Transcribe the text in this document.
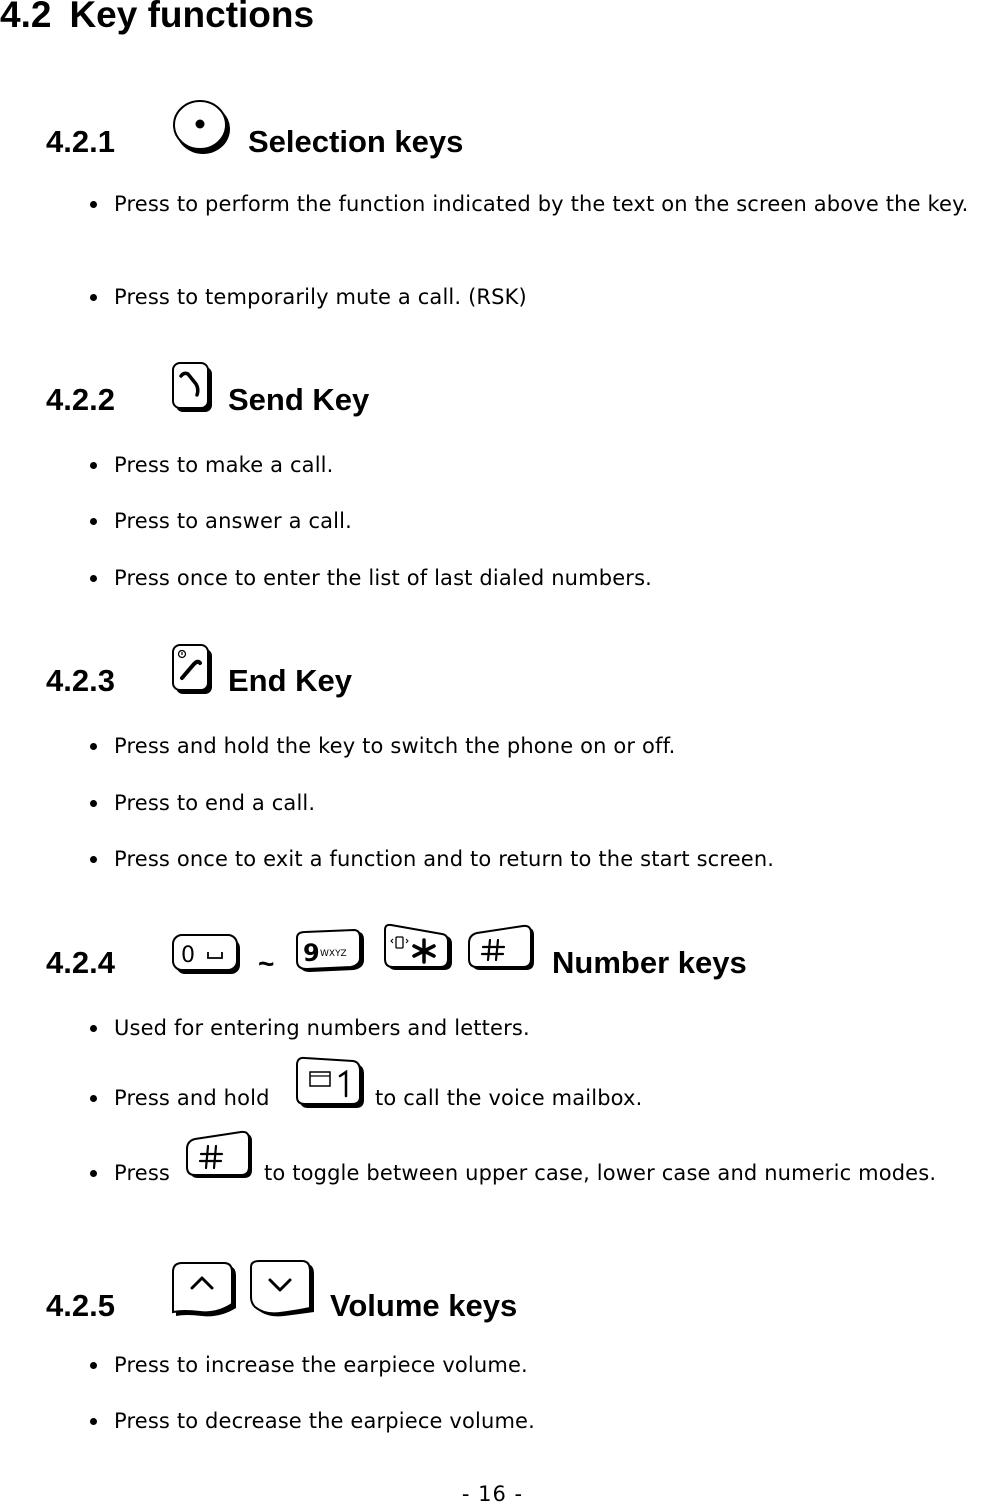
4.2 Key functions
4.2.1	Selection keys
Press to perform the function indicated by the text on the screen above the key.
Press to temporarily mute a call. (RSK)
4.2.2	Send Key
Press to make a call.
Press to answer a call.
Press once to enter the list of last dialed numbers.
4.2.3	End Key
Press and hold the key to switch the phone on or off.
Press to end a call.
Press once to exit a function and to return to the start screen.
4.2.4	Number keys
0 ~ 9 WXYZ
Used for entering numbers and letters.
Press and hold	to call the voice mailbox.
Press	to toggle between upper case, lower case and numeric modes.
4.2.5	Volume keys
Press to increase the earpiece volume.
Press to decrease the earpiece volume.
- 16 -
